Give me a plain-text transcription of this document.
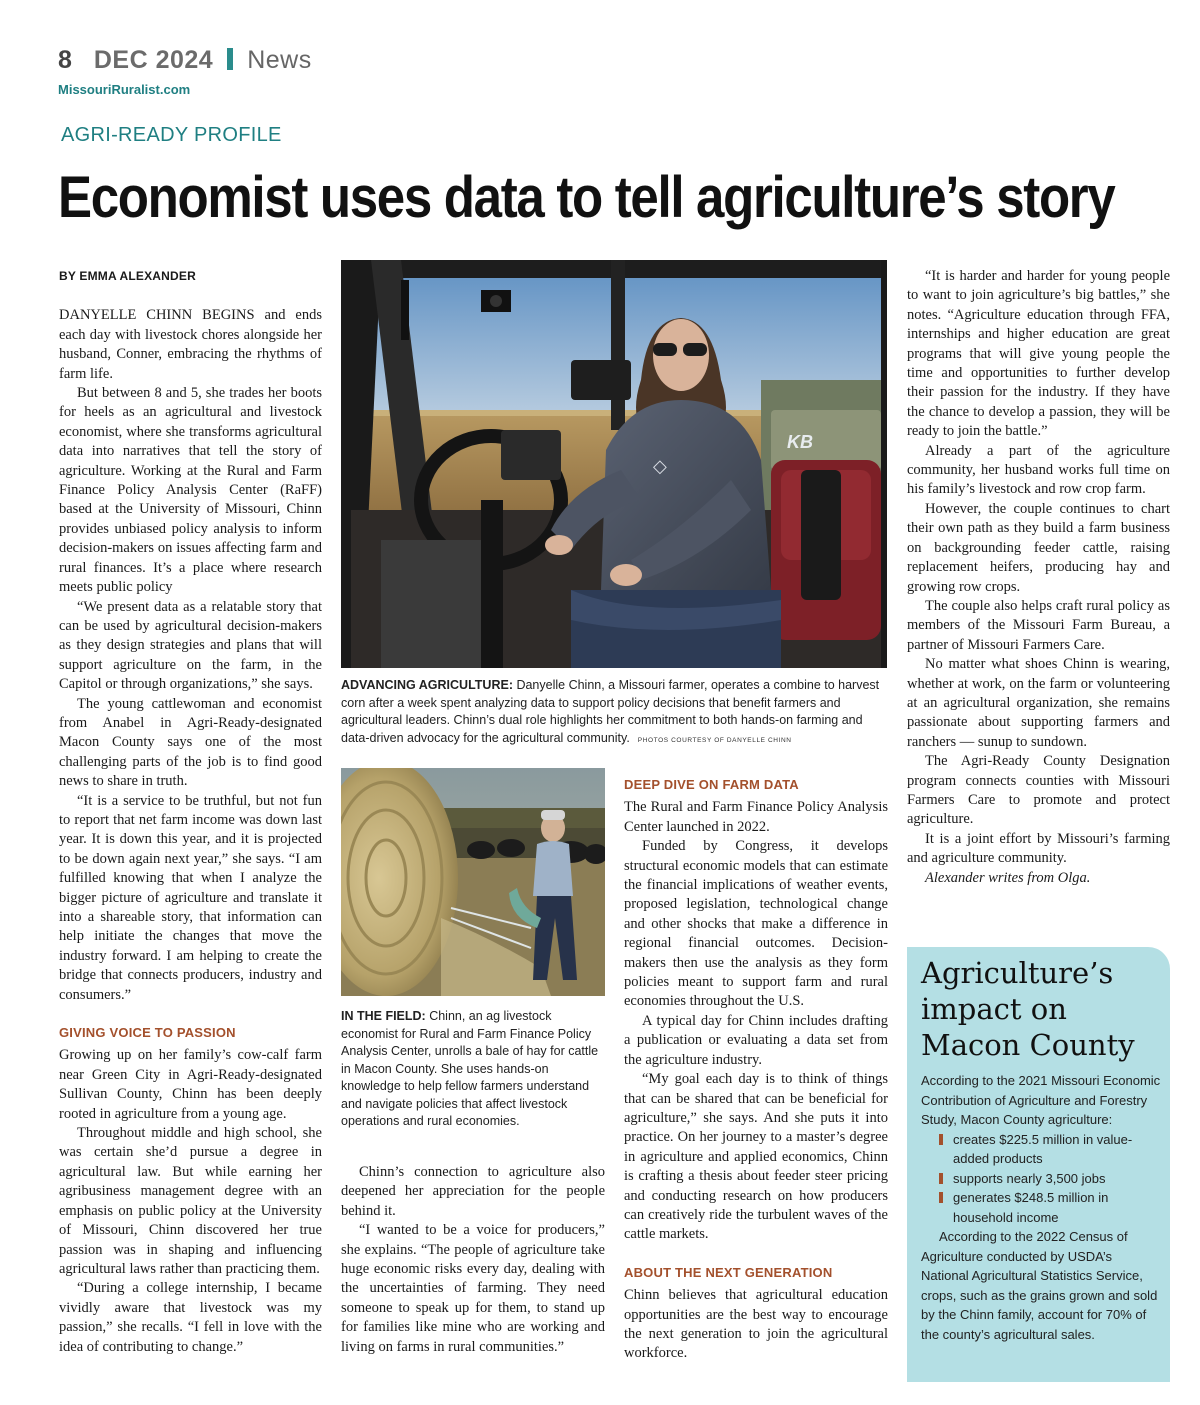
8 DEC 2024 News
MissouriRuralist.com
AGRI-READY PROFILE
Economist uses data to tell agriculture’s story
BY EMMA ALEXANDER

DANYELLE CHINN BEGINS and ends each day with livestock chores alongside her husband, Conner, embracing the rhythms of farm life.

But between 8 and 5, she trades her boots for heels as an agricultural and livestock economist, where she transforms agricultural data into narratives that tell the story of agriculture. Working at the Rural and Farm Finance Policy Analysis Center (RaFF) based at the University of Missouri, Chinn provides unbiased policy analysis to inform decision-makers on issues affecting farm and rural finances. It’s a place where research meets public policy

“We present data as a relatable story that can be used by agricultural decision-makers as they design strategies and plans that will support agriculture on the farm, in the Capitol or through organizations,” she says.

The young cattlewoman and economist from Anabel in Agri-Ready-designated Macon County says one of the most challenging parts of the job is to find good news to share in truth.

“It is a service to be truthful, but not fun to report that net farm income was down last year. It is down this year, and it is projected to be down again next year,” she says. “I am fulfilled knowing that when I analyze the bigger picture of agriculture and translate it into a shareable story, that information can help initiate the changes that move the industry forward. I am helping to create the bridge that connects producers, industry and consumers.”

GIVING VOICE TO PASSION

Growing up on her family’s cow-calf farm near Green City in Agri-Ready-designated Sullivan County, Chinn has been deeply rooted in agriculture from a young age.

Throughout middle and high school, she was certain she’d pursue a degree in agricultural law. But while earning her agribusiness management degree with an emphasis on public policy at the University of Missouri, Chinn discovered her true passion was in shaping and influencing agricultural laws rather than practicing them.

“During a college internship, I became vividly aware that livestock was my passion,” she recalls. “I fell in love with the idea of contributing to change.”

KB
◇
ADVANCING AGRICULTURE: Danyelle Chinn, a Missouri farmer, operates a combine to harvest corn after a week spent analyzing data to support policy decisions that benefit farmers and agricultural leaders. Chinn’s dual role highlights her commitment to both hands-on farming and data-driven advocacy for the agricultural community. PHOTOS COURTESY OF DANYELLE CHINN
IN THE FIELD: Chinn, an ag livestock economist for Rural and Farm Finance Policy Analysis Center, unrolls a bale of hay for cattle in Macon County. She uses hands-on knowledge to help fellow farmers understand and navigate policies that affect livestock operations and rural economies.

Chinn’s connection to agriculture also deepened her appreciation for the people behind it.

“I wanted to be a voice for producers,” she explains. “The people of agriculture take huge economic risks every day, dealing with the uncertainties of farming. They need someone to speak up for them, to stand up for families like mine who are working and living on farms in rural communities.”

DEEP DIVE ON FARM DATA

The Rural and Farm Finance Policy Analysis Center launched in 2022.

Funded by Congress, it develops structural economic models that can estimate the financial implications of weather events, proposed legislation, technological change and other shocks that make a difference in regional financial outcomes. Decision-makers then use the analysis as they form policies meant to support farm and rural economies throughout the U.S.

A typical day for Chinn includes drafting a publication or evaluating a data set from the agriculture industry.

“My goal each day is to think of things that can be shared that can be beneficial for agriculture,” she says. And she puts it into practice. On her journey to a master’s degree in agriculture and applied economics, Chinn is crafting a thesis about feeder steer pricing and conducting research on how producers can creatively ride the turbulent waves of the cattle markets.

ABOUT THE NEXT GENERATION

Chinn believes that agricultural education opportunities are the best way to encourage the next generation to join the agricultural workforce.

“It is harder and harder for young people to want to join agriculture’s big battles,” she notes. “Agriculture education through FFA, internships and higher education are great programs that will give young people the time and opportunities to further develop their passion for the industry. If they have the chance to develop a passion, they will be ready to join the battle.”

Already a part of the agriculture community, her husband works full time on his family’s livestock and row crop farm.

However, the couple continues to chart their own path as they build a farm business on backgrounding feeder cattle, raising replacement heifers, producing hay and growing row crops.

The couple also helps craft rural policy as members of the Missouri Farm Bureau, a partner of Missouri Farmers Care.

No matter what shoes Chinn is wearing, whether at work, on the farm or volunteering at an agricultural organization, she remains passionate about supporting farmers and ranchers — sunup to sundown.

The Agri-Ready County Designation program connects counties with Missouri Farmers Care to promote and protect agriculture.

It is a joint effort by Missouri’s farming and agriculture community.

Alexander writes from Olga.

Agriculture’s impact on Macon County
According to the 2021 Missouri Economic Contribution of Agriculture and Forestry Study, Macon County agriculture:
creates $225.5 million in value-added products
supports nearly 3,500 jobs
generates $248.5 million in household income
According to the 2022 Census of Agriculture conducted by USDA’s National Agricultural Statistics Service, crops, such as the grains grown and sold by the Chinn family, account for 70% of the county’s agricultural sales.
